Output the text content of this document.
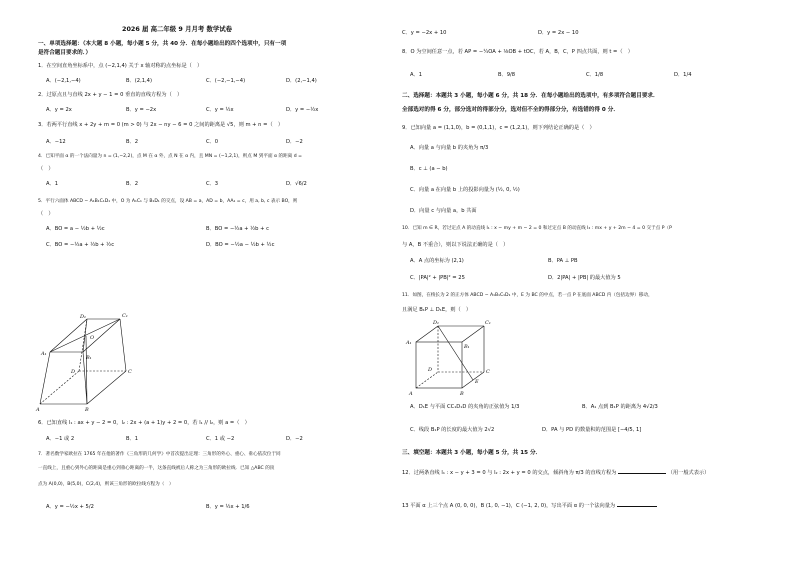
2026 届 高二年级 9 月月考 数学试卷
一、单项选择题：（本大题 8 小题，每小题 5 分，共 40 分．在每小题给出的四个选项中，只有一项
是符合题目要求的．）
1．在空间直角坐标系中，点 (−2,1,4) 关于 x 轴对称的点坐标是（　）
A．(−2,1,−4)	B．(2,1,4)	C．(−2,−1,−4)	D．(2,−1,4)
2．过原点且与直线 2x + y − 1 = 0 垂直的直线方程为（　）
A．y = 2x	B．y = −2x	C．y = ½x	D．y = −½x
3．若两平行直线 x + 2y + m = 0 (m > 0) 与 2x − ny − 6 = 0 之间的距离是 √5，则 m + n =（　）
A．−12	B．2	C．0	D．−2
4．已知平面 α 的一个法向量为 n = (1,−2,2)，点 M 在 α 外，点 N 在 α 内，且 MN = (−1,2,1)，则点 M 到平面 α 的距离 d =
（　）
A．1	B．2	C．3	D．√6/2
5．平行六面体 ABCD − A₁B₁C₁D₁ 中，O 为 A₁C₁ 与 B₁D₁ 的交点，设 AB = a，AD = b，AA₁ = c，用 a, b, c 表示 BO，则
（　）
A．BO = a − ½b + ½c	B．BO = −½a + ½b + c
C．BO = −½a + ½b + ½c	D．BO = −½a − ½b + ½c
C₁
A₁
O
D₁
B₁
D	C
A	B
6．已知直线 l₁ : ax + y − 2 = 0，l₂ : 2x + (a + 1)y + 2 = 0，若 l₁ // l₂，则 a =（　）
A．−1 或 2	B．1	C．1 或 −2	D．−2
7．著名数学家欧拉在 1765 年在他的著作《三角形的几何学》中首次提出定理：三角形的外心、重心、垂心依次位于同
一直线上，且重心到外心的距离是重心到垂心距离的一半，这条直线被后人称之为三角形的欧拉线．已知 △ABC 的顶
点为 A(0,0)，B(5,0)，C(2,4)，则该三角形的欧拉线方程为（　）
A．y = −½x + 5/2	B．y = ½x + 1/6
C．y = −2x + 10	D．y = 2x − 10
8．O 为空间任意一点，若 AP = −¼OA + ⅛OB + tOC，若 A，B，C，P 四点共面，则 t =（　）
A．1	B．9/8	C．1/8	D．1/4
二、选择题：本题共 3 小题，每小题 6 分，共 18 分．在每小题给出的选项中，有多项符合题目要求．
全部选对的得 6 分，部分选对的得部分分，选对但不全的得部分分，有选错的得 0 分．
9．已知向量 a = (1,1,0)，b = (0,1,1)，c = (1,2,1)，则下列结论正确的是（　）
A．向量 a 与向量 b 的夹角为 π/3
B．c ⊥ (a − b)
C．向量 a 在向量 b 上的投影向量为 (½, 0, ½)
D．向量 c 与向量 a，b 共面
10．已知 m ∈ R，若过定点 A 的动直线 l₁ : x − my + m − 2 = 0 和过定点 B 的动直线 l₂ : mx + y + 2m − 4 = 0 交于点 P（P
与 A，B 不重合），则以下说法正确的是（　）
A．A 点的坐标为 (2,1)	B．PA ⊥ PB
C．|PA|² + |PB|² = 25	D．2|PA| + |PB| 的最大值为 5
11．如图，在棱长为 2 的正方体 ABCD − A₁B₁C₁D₁ 中，E 为 BC 的中点，若一点 P 在底面 ABCD 内（包括边界）移动，
且满足 B₁P ⊥ D₁E，则（　）
D₁	C₁
A₁
B₁
D	C
A
E
B
A．D₁E 与平面 CC₁D₁D 的夹角的正弦值为 1/3	B．A₁ 点到 B₁P 的距离为 4√2/3
C．线段 B₁P 的长度的最大值为 2√2	D．PA 与 PD 的数量积的范围是 [−4/5, 1]
三、填空题：本题共 3 小题，每小题 5 分，共 15 分．
12．过两条直线 l₁ : x − y + 3 = 0 与 l₂ : 2x + y = 0 的交点，倾斜角为 π/3 的直线方程为	（用一般式表示）
13 平面 α 上三个点 A (0, 0, 0)，B (1, 0, −1)，C (−1, 2, 0)，写出平面 α 的一个法向量为
